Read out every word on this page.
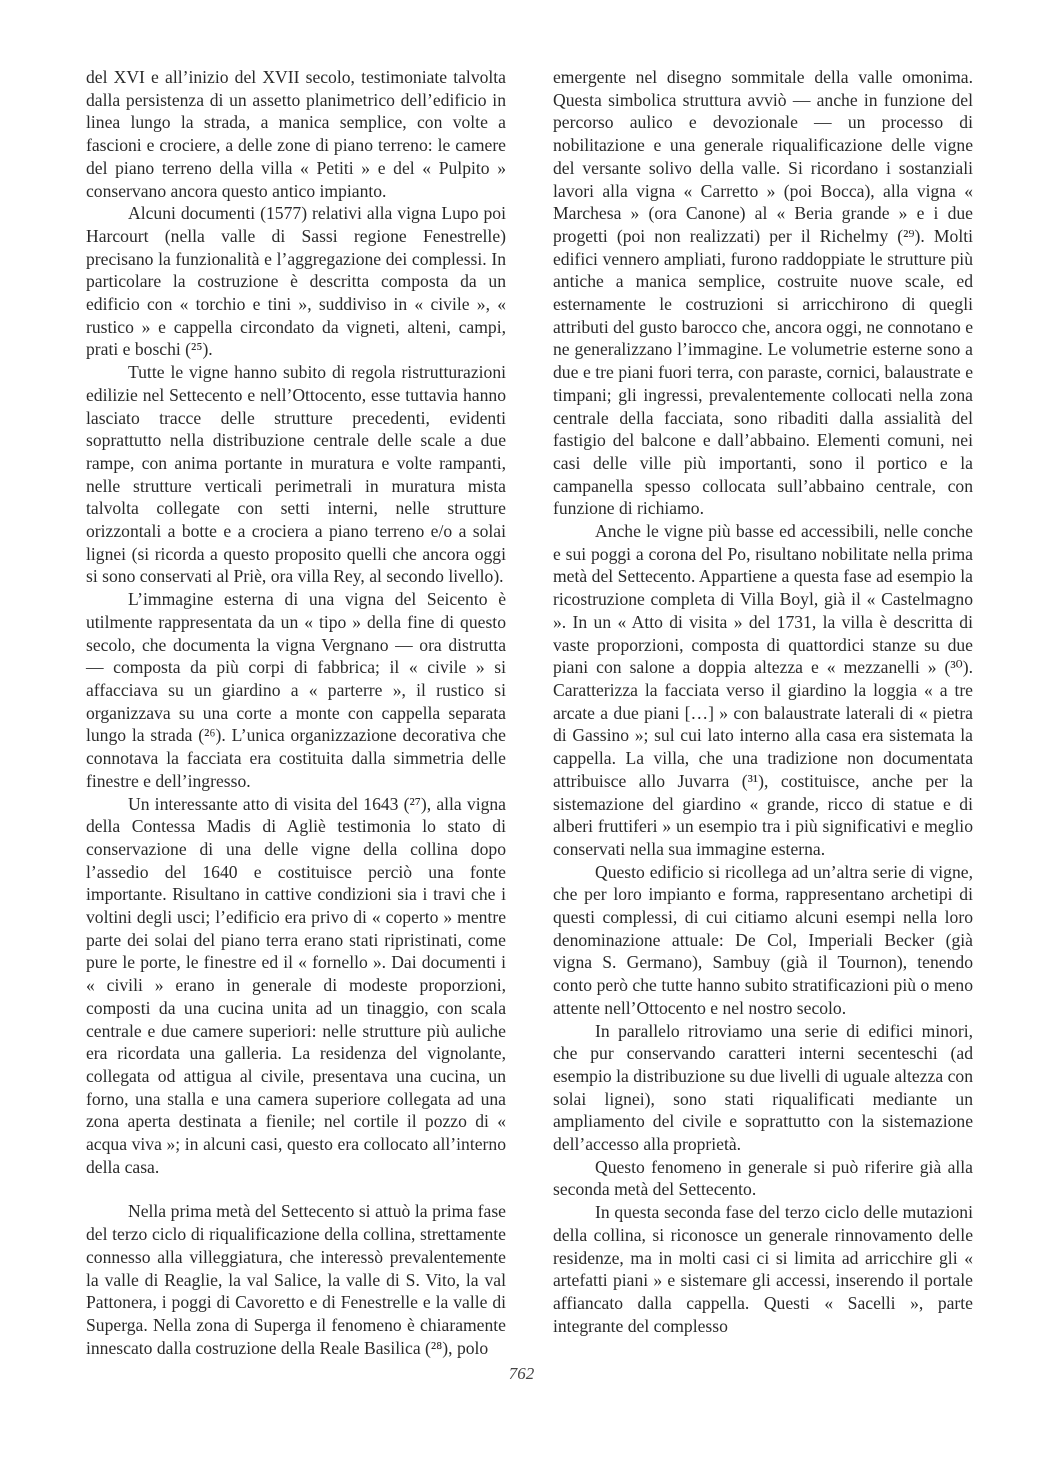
del XVI e all’inizio del XVII secolo, testimoniate talvolta dalla persistenza di un assetto planimetrico dell’edificio in linea lungo la strada, a manica semplice, con volte a fascioni e crociere, a delle zone di piano terreno: le camere del piano terreno della villa « Petiti » e del « Pulpito » conservano ancora questo antico impianto.

Alcuni documenti (1577) relativi alla vigna Lupo poi Harcourt (nella valle di Sassi regione Fenestrelle) precisano la funzionalità e l’aggregazione dei complessi. In particolare la costruzione è descritta composta da un edificio con « torchio e tini », suddiviso in « civile », « rustico » e cappella circondato da vigneti, alteni, campi, prati e boschi (²⁵).

Tutte le vigne hanno subito di regola ristrutturazioni edilizie nel Settecento e nell’Ottocento, esse tuttavia hanno lasciato tracce delle strutture precedenti, evidenti soprattutto nella distribuzione centrale delle scale a due rampe, con anima portante in muratura e volte rampanti, nelle strutture verticali perimetrali in muratura mista talvolta collegate con setti interni, nelle strutture orizzontali a botte e a crociera a piano terreno e/o a solai lignei (si ricorda a questo proposito quelli che ancora oggi si sono conservati al Priè, ora villa Rey, al secondo livello).

L’immagine esterna di una vigna del Seicento è utilmente rappresentata da un « tipo » della fine di questo secolo, che documenta la vigna Vergnano — ora distrutta — composta da più corpi di fabbrica; il « civile » si affacciava su un giardino a « parterre », il rustico si organizzava su una corte a monte con cappella separata lungo la strada (²⁶). L’unica organizzazione decorativa che connotava la facciata era costituita dalla simmetria delle finestre e dell’ingresso.

Un interessante atto di visita del 1643 (²⁷), alla vigna della Contessa Madis di Agliè testimonia lo stato di conservazione di una delle vigne della collina dopo l’assedio del 1640 e costituisce perciò una fonte importante. Risultano in cattive condizioni sia i travi che i voltini degli usci; l’edificio era privo di « coperto » mentre parte dei solai del piano terra erano stati ripristinati, come pure le porte, le finestre ed il « fornello ». Dai documenti i « civili » erano in generale di modeste proporzioni, composti da una cucina unita ad un tinaggio, con scala centrale e due camere superiori: nelle strutture più auliche era ricordata una galleria. La residenza del vignolante, collegata od attigua al civile, presentava una cucina, un forno, una stalla e una camera superiore collegata ad una zona aperta destinata a fienile; nel cortile il pozzo di « acqua viva »; in alcuni casi, questo era collocato all’interno della casa.

Nella prima metà del Settecento si attuò la prima fase del terzo ciclo di riqualificazione della collina, strettamente connesso alla villeggiatura, che interessò prevalentemente la valle di Reaglie, la val Salice, la valle di S. Vito, la val Pattonera, i poggi di Cavoretto e di Fenestrelle e la valle di Superga. Nella zona di Superga il fenomeno è chiaramente innescato dalla costruzione della Reale Basilica (²⁸), polo

emergente nel disegno sommitale della valle omonima. Questa simbolica struttura avviò — anche in funzione del percorso aulico e devozionale — un processo di nobilitazione e una generale riqualificazione delle vigne del versante solivo della valle. Si ricordano i sostanziali lavori alla vigna « Carretto » (poi Bocca), alla vigna « Marchesa » (ora Canone) al « Beria grande » e i due progetti (poi non realizzati) per il Richelmy (²⁹). Molti edifici vennero ampliati, furono raddoppiate le strutture più antiche a manica semplice, costruite nuove scale, ed esternamente le costruzioni si arricchirono di quegli attributi del gusto barocco che, ancora oggi, ne connotano e ne generalizzano l’immagine. Le volumetrie esterne sono a due e tre piani fuori terra, con paraste, cornici, balaustrate e timpani; gli ingressi, prevalentemente collocati nella zona centrale della facciata, sono ribaditi dalla assialità del fastigio del balcone e dall’abbaino. Elementi comuni, nei casi delle ville più importanti, sono il portico e la campanella spesso collocata sull’abbaino centrale, con funzione di richiamo.

Anche le vigne più basse ed accessibili, nelle conche e sui poggi a corona del Po, risultano nobilitate nella prima metà del Settecento. Appartiene a questa fase ad esempio la ricostruzione completa di Villa Boyl, già il « Castelmagno ». In un « Atto di visita » del 1731, la villa è descritta di vaste proporzioni, composta di quattordici stanze su due piani con salone a doppia altezza e « mezzanelli » (³⁰). Caratterizza la facciata verso il giardino la loggia « a tre arcate a due piani […] » con balaustrate laterali di « pietra di Gassino »; sul cui lato interno alla casa era sistemata la cappella. La villa, che una tradizione non documentata attribuisce allo Juvarra (³¹), costituisce, anche per la sistemazione del giardino « grande, ricco di statue e di alberi fruttiferi » un esempio tra i più significativi e meglio conservati nella sua immagine esterna.

Questo edificio si ricollega ad un’altra serie di vigne, che per loro impianto e forma, rappresentano archetipi di questi complessi, di cui citiamo alcuni esempi nella loro denominazione attuale: De Col, Imperiali Becker (già vigna S. Germano), Sambuy (già il Tournon), tenendo conto però che tutte hanno subito stratificazioni più o meno attente nell’Ottocento e nel nostro secolo.

In parallelo ritroviamo una serie di edifici minori, che pur conservando caratteri interni secenteschi (ad esempio la distribuzione su due livelli di uguale altezza con solai lignei), sono stati riqualificati mediante un ampliamento del civile e soprattutto con la sistemazione dell’accesso alla proprietà.

Questo fenomeno in generale si può riferire già alla seconda metà del Settecento.

In questa seconda fase del terzo ciclo delle mutazioni della collina, si riconosce un generale rinnovamento delle residenze, ma in molti casi ci si limita ad arricchire gli « artefatti piani » e sistemare gli accessi, inserendo il portale affiancato dalla cappella. Questi « Sacelli », parte integrante del complesso

762
